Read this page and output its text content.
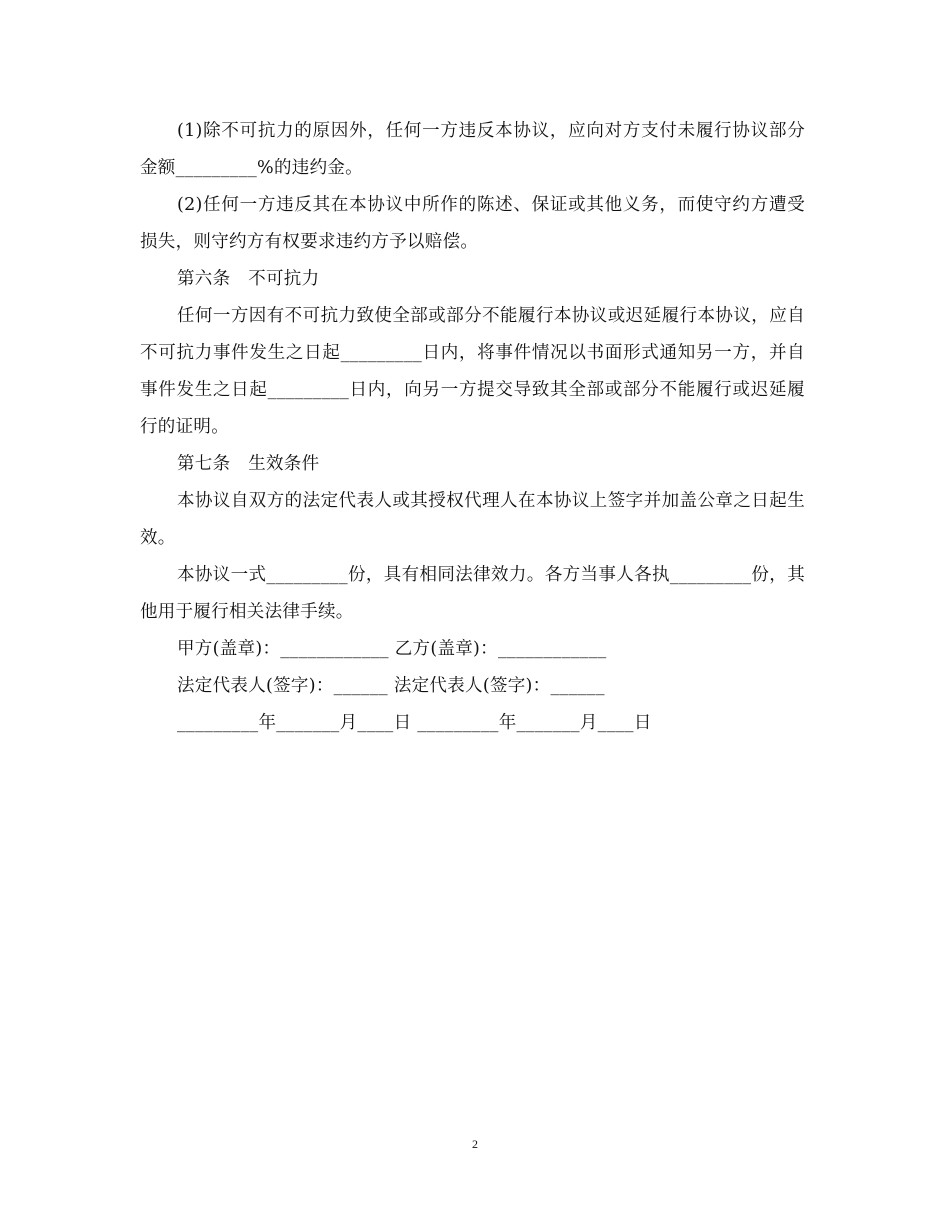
(1)除不可抗力的原因外，任何一方违反本协议，应向对方支付未履行协议部分金额_________%的违约金。

(2)任何一方违反其在本协议中所作的陈述、保证或其他义务，而使守约方遭受损失，则守约方有权要求违约方予以赔偿。

第六条　不可抗力

任何一方因有不可抗力致使全部或部分不能履行本协议或迟延履行本协议，应自不可抗力事件发生之日起_________日内，将事件情况以书面形式通知另一方，并自事件发生之日起_________日内，向另一方提交导致其全部或部分不能履行或迟延履行的证明。

第七条　生效条件

本协议自双方的法定代表人或其授权代理人在本协议上签字并加盖公章之日起生效。

本协议一式_________份，具有相同法律效力。各方当事人各执_________份，其他用于履行相关法律手续。

甲方(盖章)：____________ 乙方(盖章)：____________

法定代表人(签字)：______ 法定代表人(签字)：______

_________年_______月____日 _________年_______月____日

2
